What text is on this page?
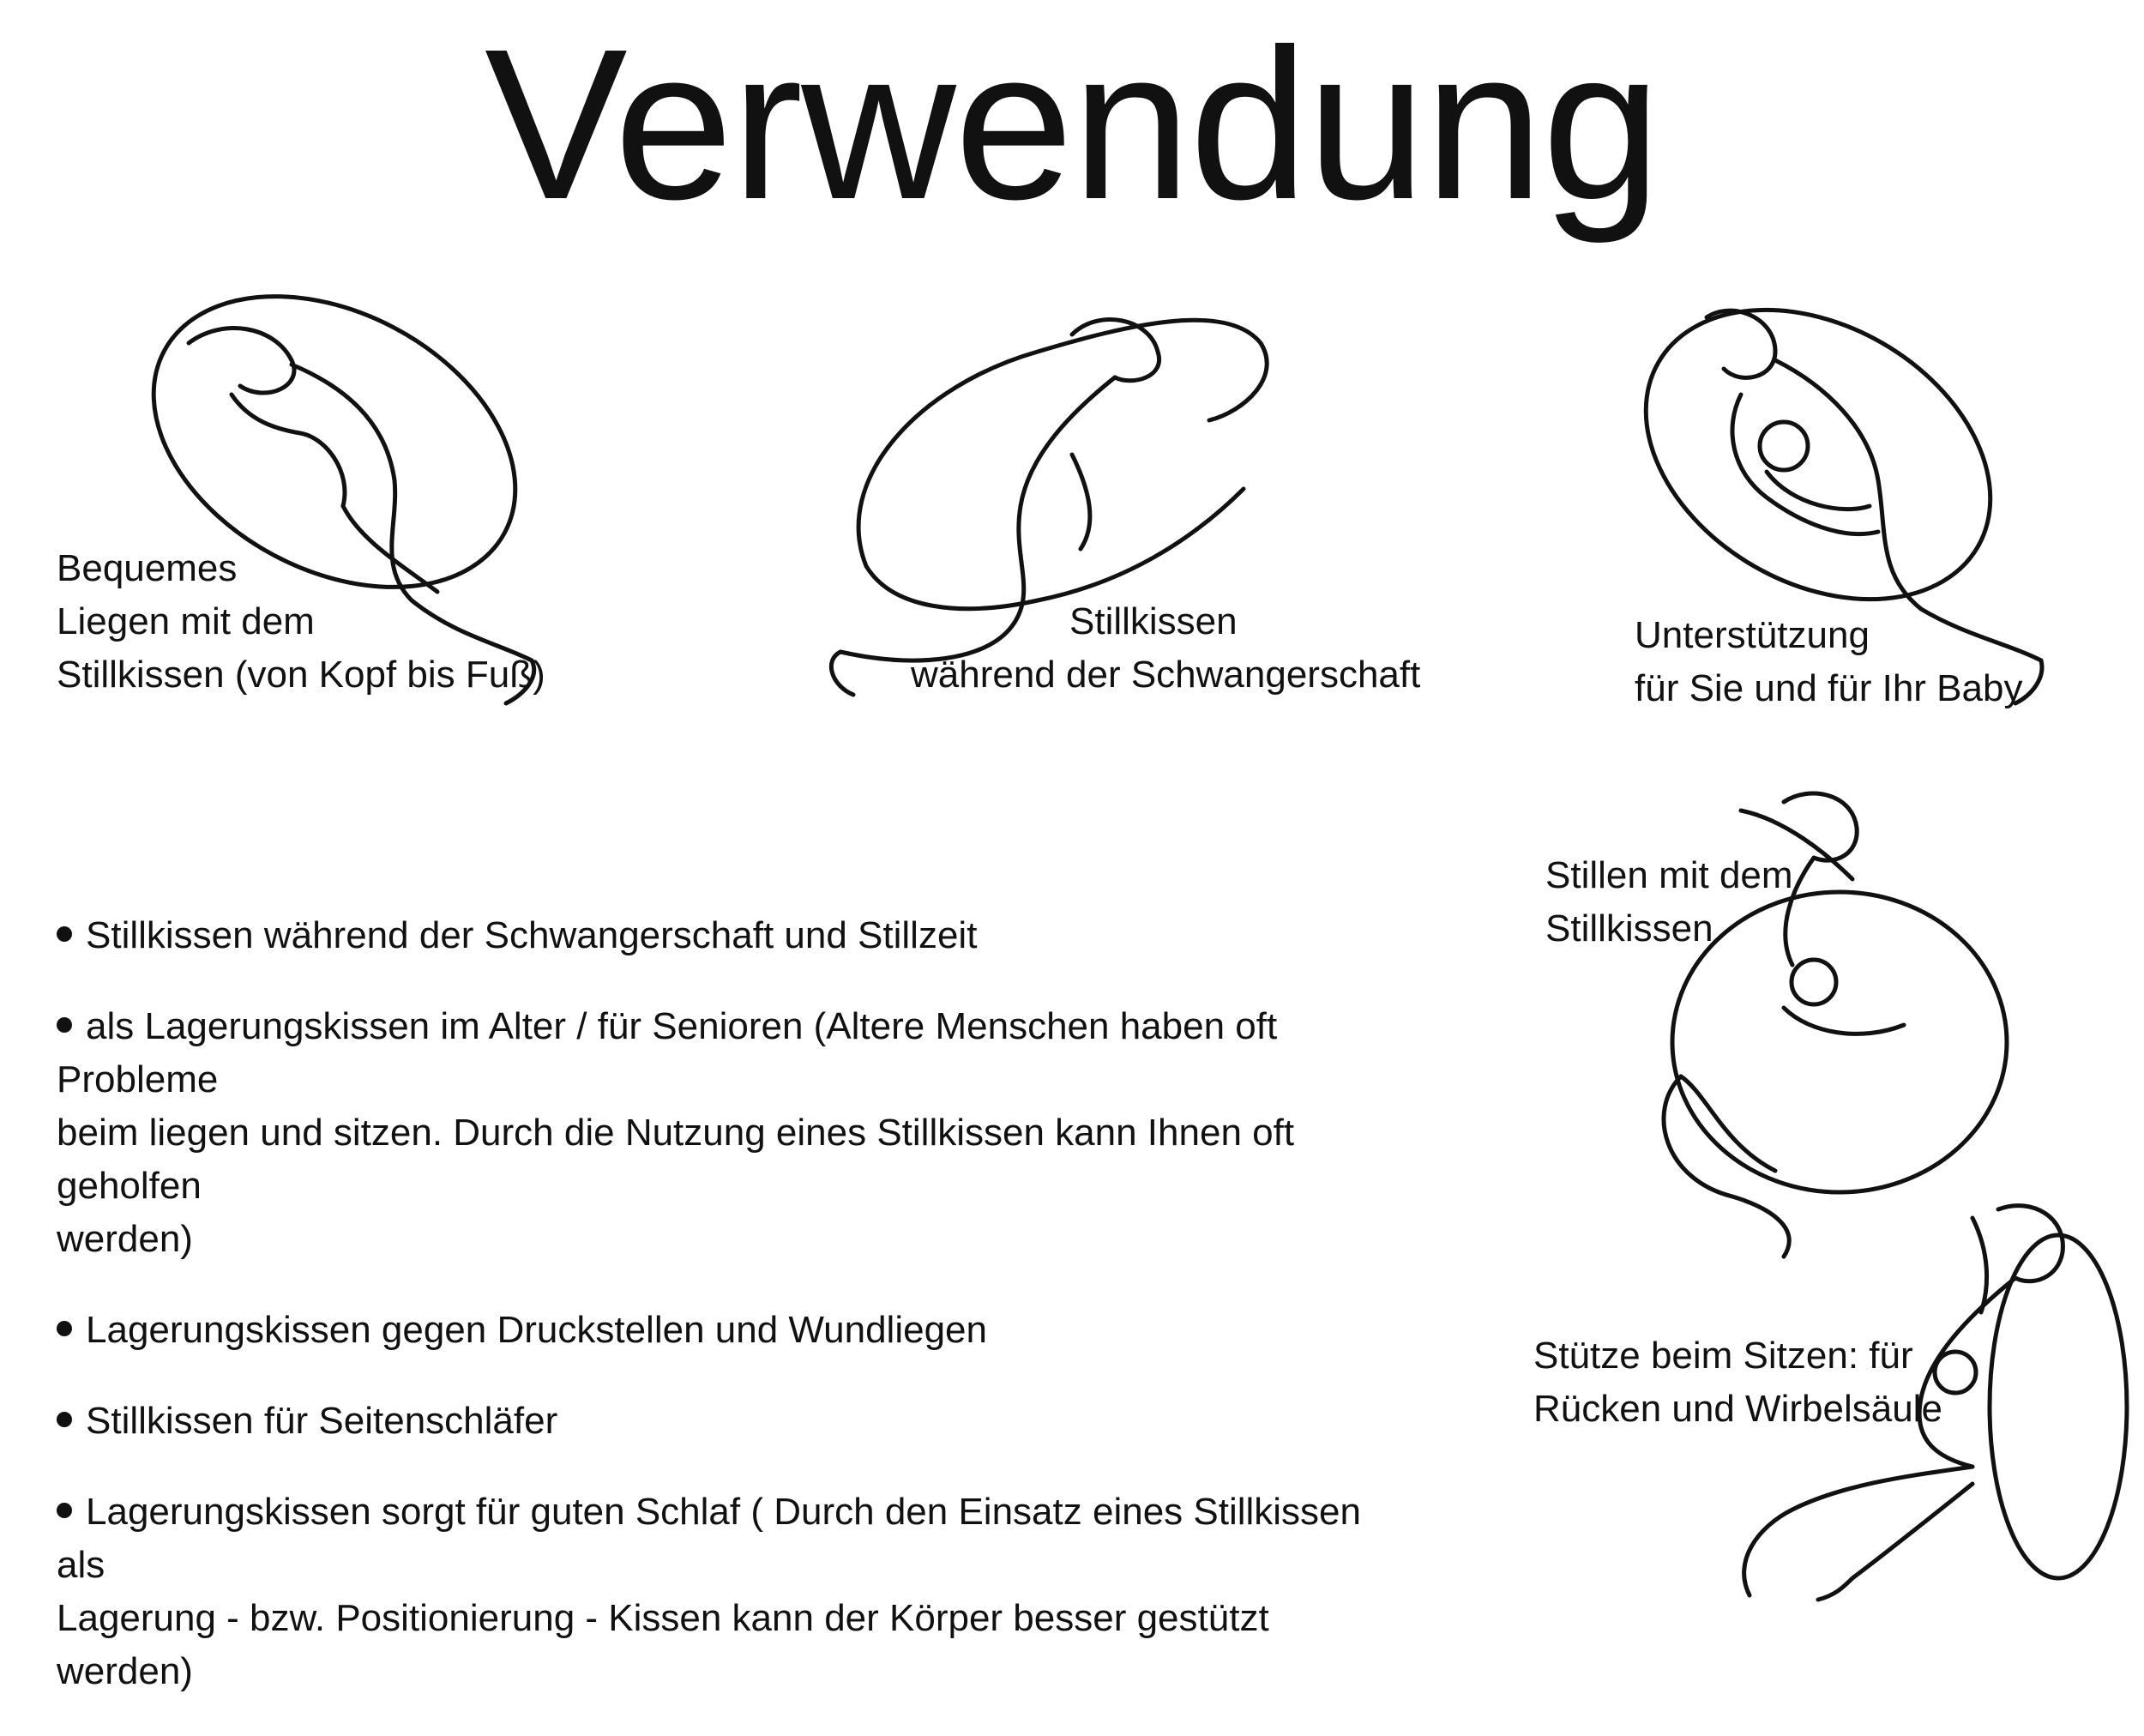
Verwendung
Bequemes
Liegen mit dem
Stillkissen (von Kopf bis Fuß)
Stillkissen
während der Schwangerschaft
Unterstützung
für Sie und für Ihr Baby
Stillen mit dem
Stillkissen
Stütze beim Sitzen: für
Rücken und Wirbelsäule
Stillkissen während der Schwangerschaft und Stillzeit
als Lagerungskissen im Alter / für Senioren (Altere Menschen haben oft Probleme
beim liegen und sitzen. Durch die Nutzung eines Stillkissen kann Ihnen oft geholfen
werden)
Lagerungskissen gegen Druckstellen und Wundliegen
Stillkissen für Seitenschläfer
Lagerungskissen sorgt für guten Schlaf ( Durch den Einsatz eines Stillkissen als
Lagerung - bzw. Positionierung - Kissen kann der Körper besser gestützt werden)
